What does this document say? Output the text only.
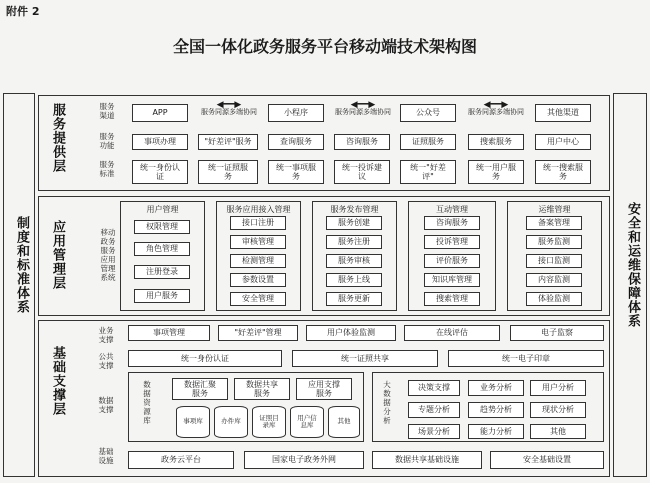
附件 2
全国一体化政务服务平台移动端技术架构图
制度和标准体系	安全和运维保障体系
服务提供层	服务渠道
服务功能
服务标准
APP	小程序	公众号	其他渠道
◀━━▶
服务同源多端协同
◀━━▶
服务同源多端协同
◀━━▶
服务同源多端协同
事项办理	"好差评"服务	查询服务	咨询服务	证照服务	搜索服务	用户中心
统一身份认证
统一证照服务
统一事项服务
统一投诉建议
统一"好差评"
统一用户服务
统一搜索服务
应用管理层	移动政务服务应用管理系统
用户管理
权限管理
角色管理
注册登录
用户服务
服务应用接入管理
接口注册
审核管理
检测管理
参数设置
安全管理
服务发布管理
服务创建
服务注册
服务审核
服务上线
服务更新
互动管理
咨询服务
投诉管理
评价服务
知识库管理
搜索管理
运维管理
备案管理
服务监测
接口监测
内容监测
体验监测
基础支撑层
业务支撑
公共支撑
数据支撑
基础设施
事项管理	"好差评"管理	用户体验监测	在线评估	电子监察
统一身份认证	统一证照共享	统一电子印章
数据资源库
数据汇聚服务
数据共享服务
应用支撑服务
事项库	办件库	证照目录库
用户信息库	其他
大数据分析
决策支撑	业务分析	用户分析
专题分析	趋势分析	现状分析
场景分析	能力分析	其他
政务云平台	国家电子政务外网	数据共享基础设施	安全基础设置
